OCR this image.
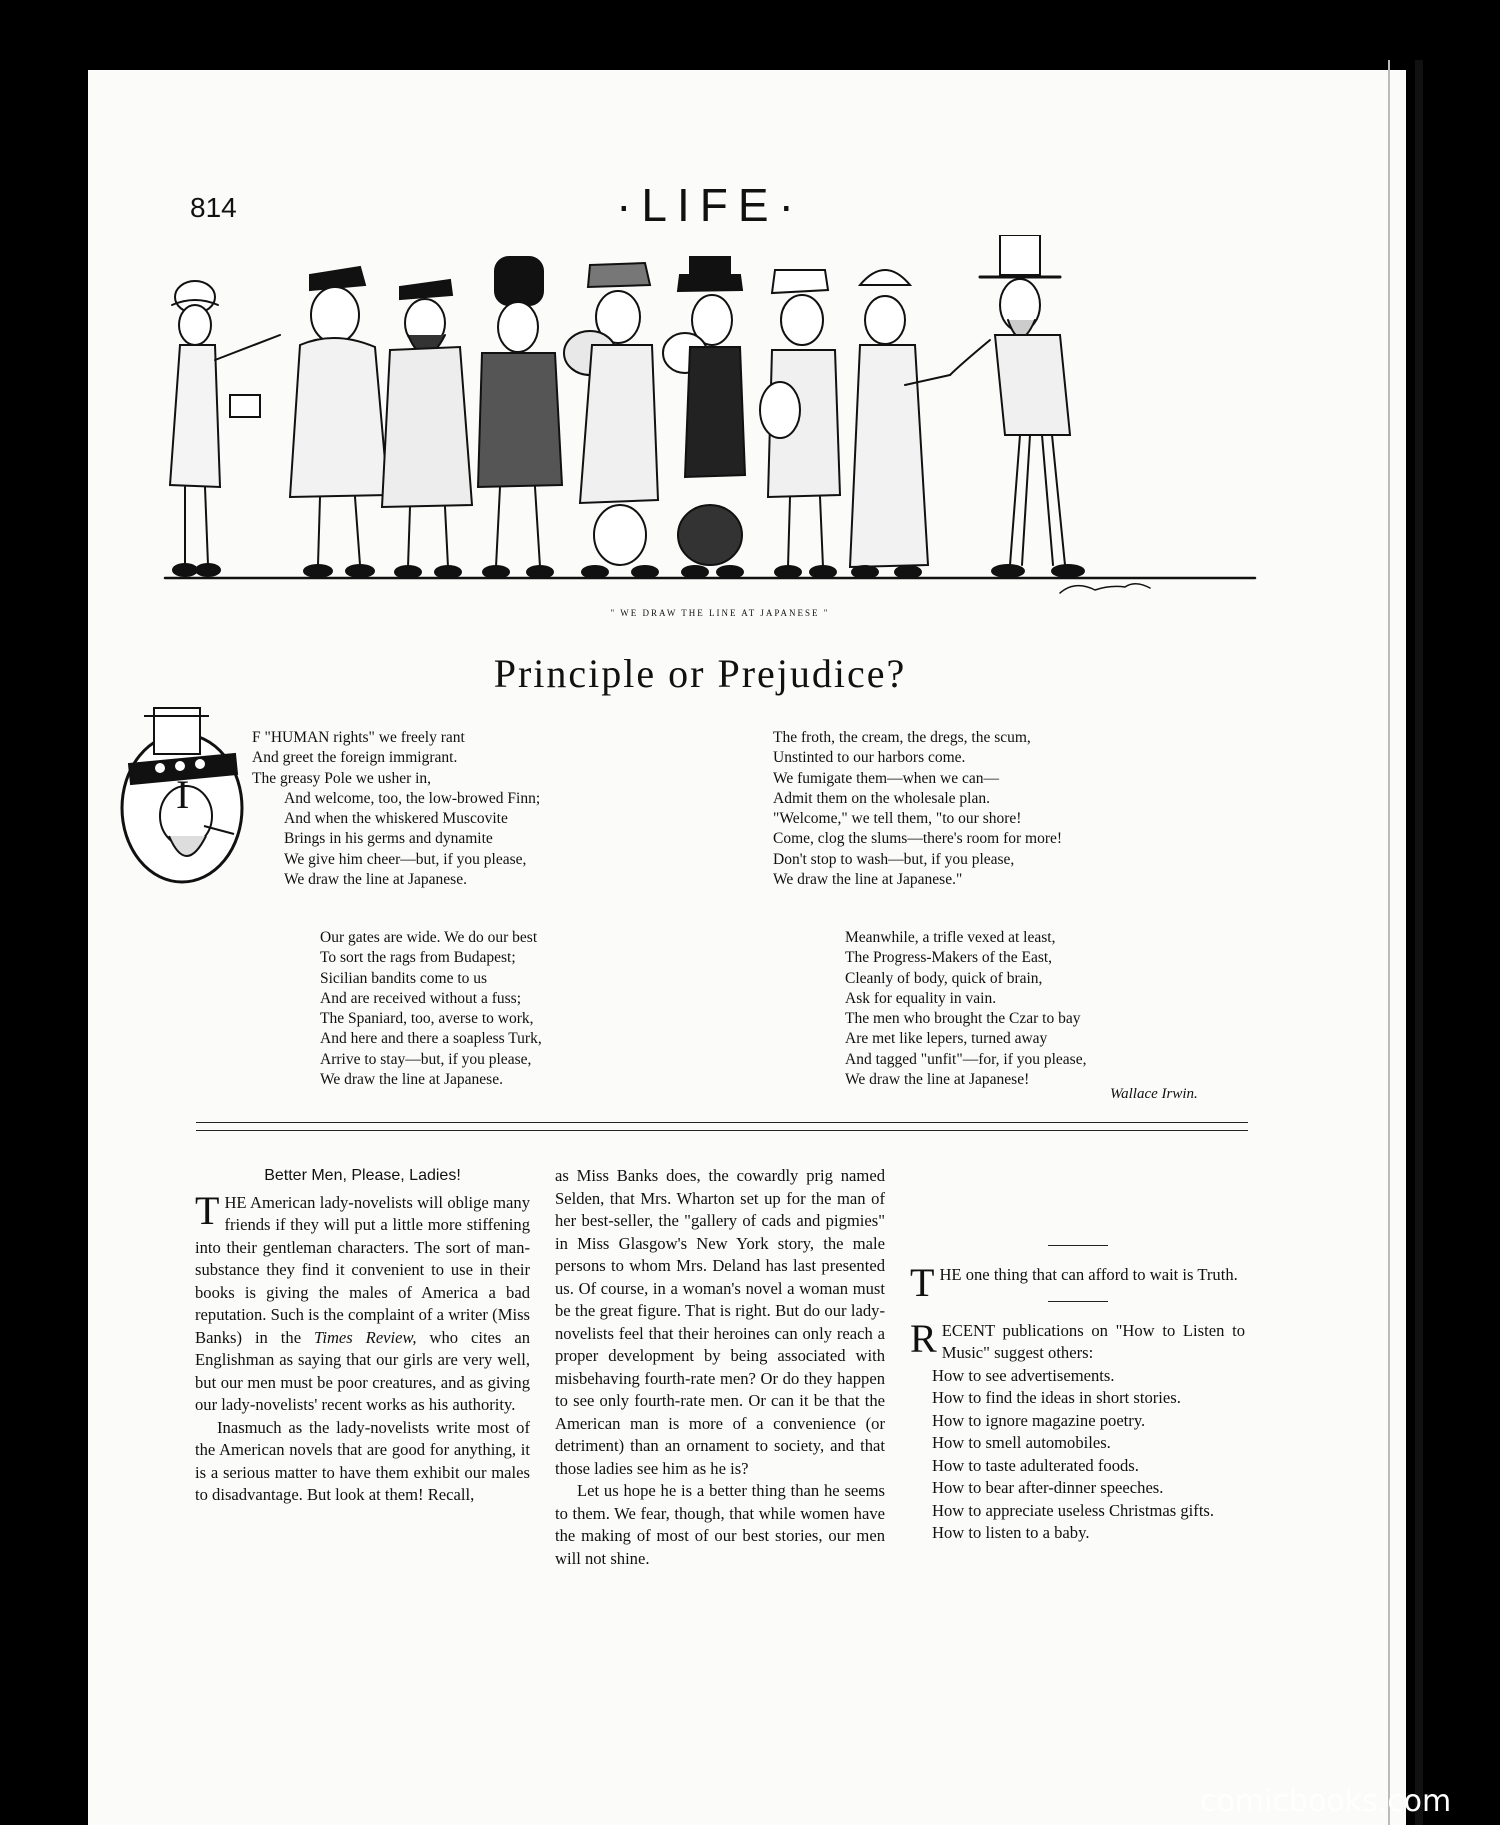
814	·LIFE·
" WE DRAW THE LINE AT JAPANESE "
Principle or Prejudice?
I
F "HUMAN rights" we freely rant
And greet the foreign immigrant.
The greasy Pole we usher in,
And welcome, too, the low-browed Finn;
And when the whiskered Muscovite
Brings in his germs and dynamite
We give him cheer—but, if you please,
We draw the line at Japanese.
The froth, the cream, the dregs, the scum,
Unstinted to our harbors come.
We fumigate them—when we can—
Admit them on the wholesale plan.
"Welcome," we tell them, "to our shore!
Come, clog the slums—there's room for more!
Don't stop to wash—but, if you please,
We draw the line at Japanese."
Our gates are wide. We do our best
To sort the rags from Budapest;
Sicilian bandits come to us
And are received without a fuss;
The Spaniard, too, averse to work,
And here and there a soapless Turk,
Arrive to stay—but, if you please,
We draw the line at Japanese.
Meanwhile, a trifle vexed at least,
The Progress-Makers of the East,
Cleanly of body, quick of brain,
Ask for equality in vain.
The men who brought the Czar to bay
Are met like lepers, turned away
And tagged "unfit"—for, if you please,
We draw the line at Japanese!
Wallace Irwin.

Better Men, Please, Ladies!

THE American lady-novelists will oblige many friends if they will put a little more stiffening into their gentleman characters. The sort of man-substance they find it convenient to use in their books is giving the males of America a bad reputation. Such is the complaint of a writer (Miss Banks) in the Times Review, who cites an Englishman as saying that our girls are very well, but our men must be poor creatures, and as giving our lady-novelists' recent works as his authority.

Inasmuch as the lady-novelists write most of the American novels that are good for anything, it is a serious matter to have them exhibit our males to disadvantage. But look at them! Recall,

as Miss Banks does, the cowardly prig named Selden, that Mrs. Wharton set up for the man of her best-seller, the "gallery of cads and pigmies" in Miss Glasgow's New York story, the male persons to whom Mrs. Deland has last presented us. Of course, in a woman's novel a woman must be the great figure. That is right. But do our lady-novelists feel that their heroines can only reach a proper development by being associated with misbehaving fourth-rate men? Or do they happen to see only fourth-rate men. Or can it be that the American man is more of a convenience (or detriment) than an ornament to society, and that those ladies see him as he is?

Let us hope he is a better thing than he seems to them. We fear, though, that while women have the making of most of our best stories, our men will not shine.

THE one thing that can afford to wait is Truth.

RECENT publications on "How to Listen to Music" suggest others:

How to see advertisements.

How to find the ideas in short stories.

How to ignore magazine poetry.

How to smell automobiles.

How to taste adulterated foods.

How to bear after-dinner speeches.

How to appreciate useless Christmas gifts.

How to listen to a baby.

comicbooks.com
